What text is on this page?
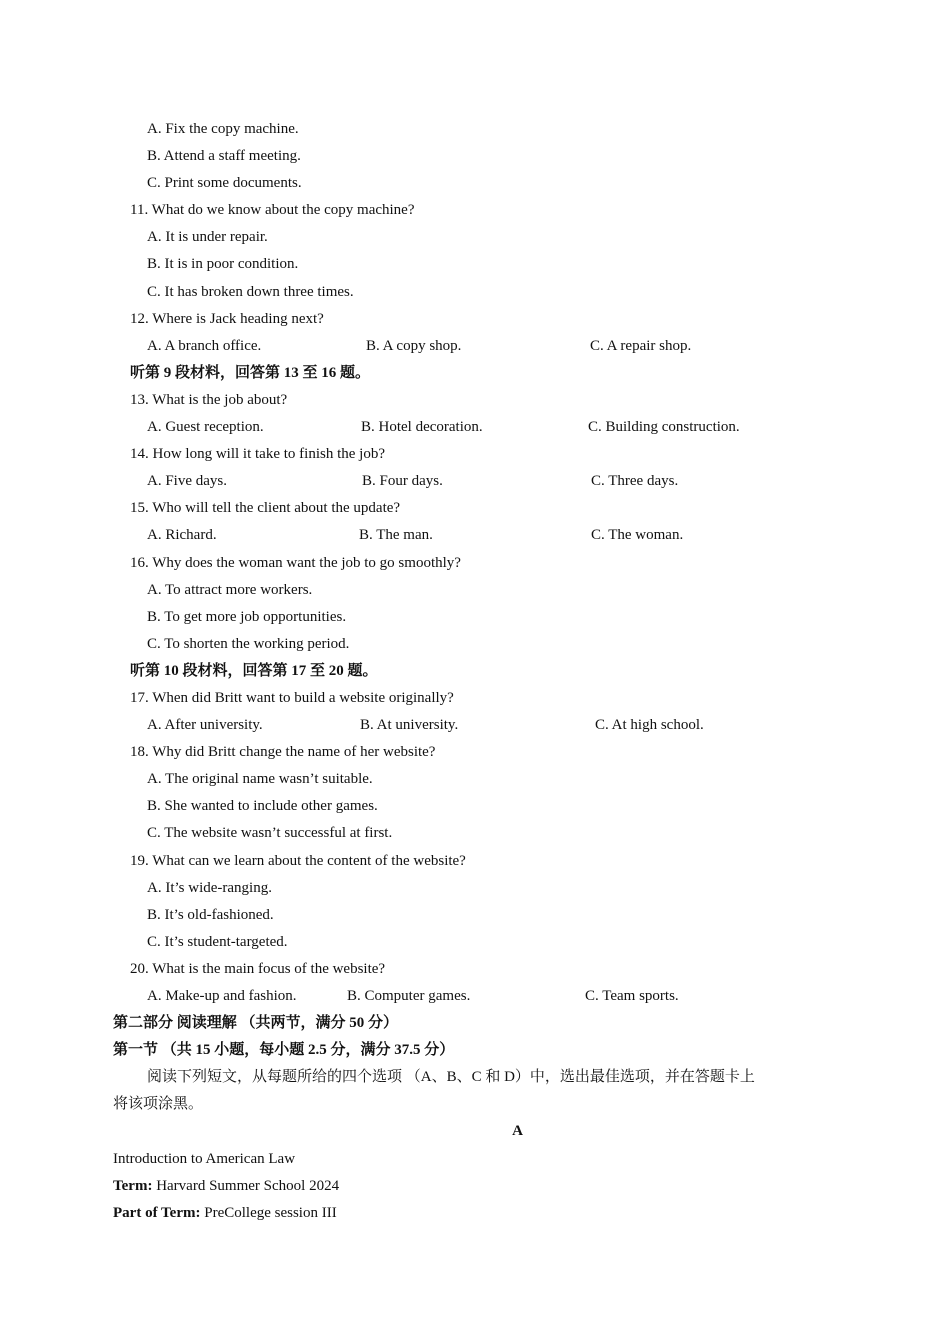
A. Fix the copy machine.
B. Attend a staff meeting.
C. Print some documents.
11. What do we know about the copy machine?
A. It is under repair.
B. It is in poor condition.
C. It has broken down three times.
12. Where is Jack heading next?
A. A branch office.	B. A copy shop.	C. A repair shop.
听第 9 段材料，回答第 13 至 16 题。
13. What is the job about?
A. Guest reception.	B. Hotel decoration.	C. Building construction.
14. How long will it take to finish the job?
A. Five days.	B. Four days.	C. Three days.
15. Who will tell the client about the update?
A. Richard.	B. The man.	C. The woman.
16. Why does the woman want the job to go smoothly?
A. To attract more workers.
B. To get more job opportunities.
C. To shorten the working period.
听第 10 段材料，回答第 17 至 20 题。
17. When did Britt want to build a website originally?
A. After university.	B. At university.	C. At high school.
18. Why did Britt change the name of her website?
A. The original name wasn’t suitable.
B. She wanted to include other games.
C. The website wasn’t successful at first.
19. What can we learn about the content of the website?
A. It’s wide-ranging.
B. It’s old-fashioned.
C. It’s student-targeted.
20. What is the main focus of the website?
A. Make-up and fashion.	B. Computer games.	C. Team sports.
第二部分 阅读理解 （共两节，满分 50 分）
第一节 （共 15 小题，每小题 2.5 分，满分 37.5 分）
阅读下列短文，从每题所给的四个选项 （A、B、C 和 D）中，选出最佳选项，并在答题卡上
将该项涂黑。
A
Introduction to American Law
Term: Harvard Summer School 2024
Part of Term: PreCollege session III
